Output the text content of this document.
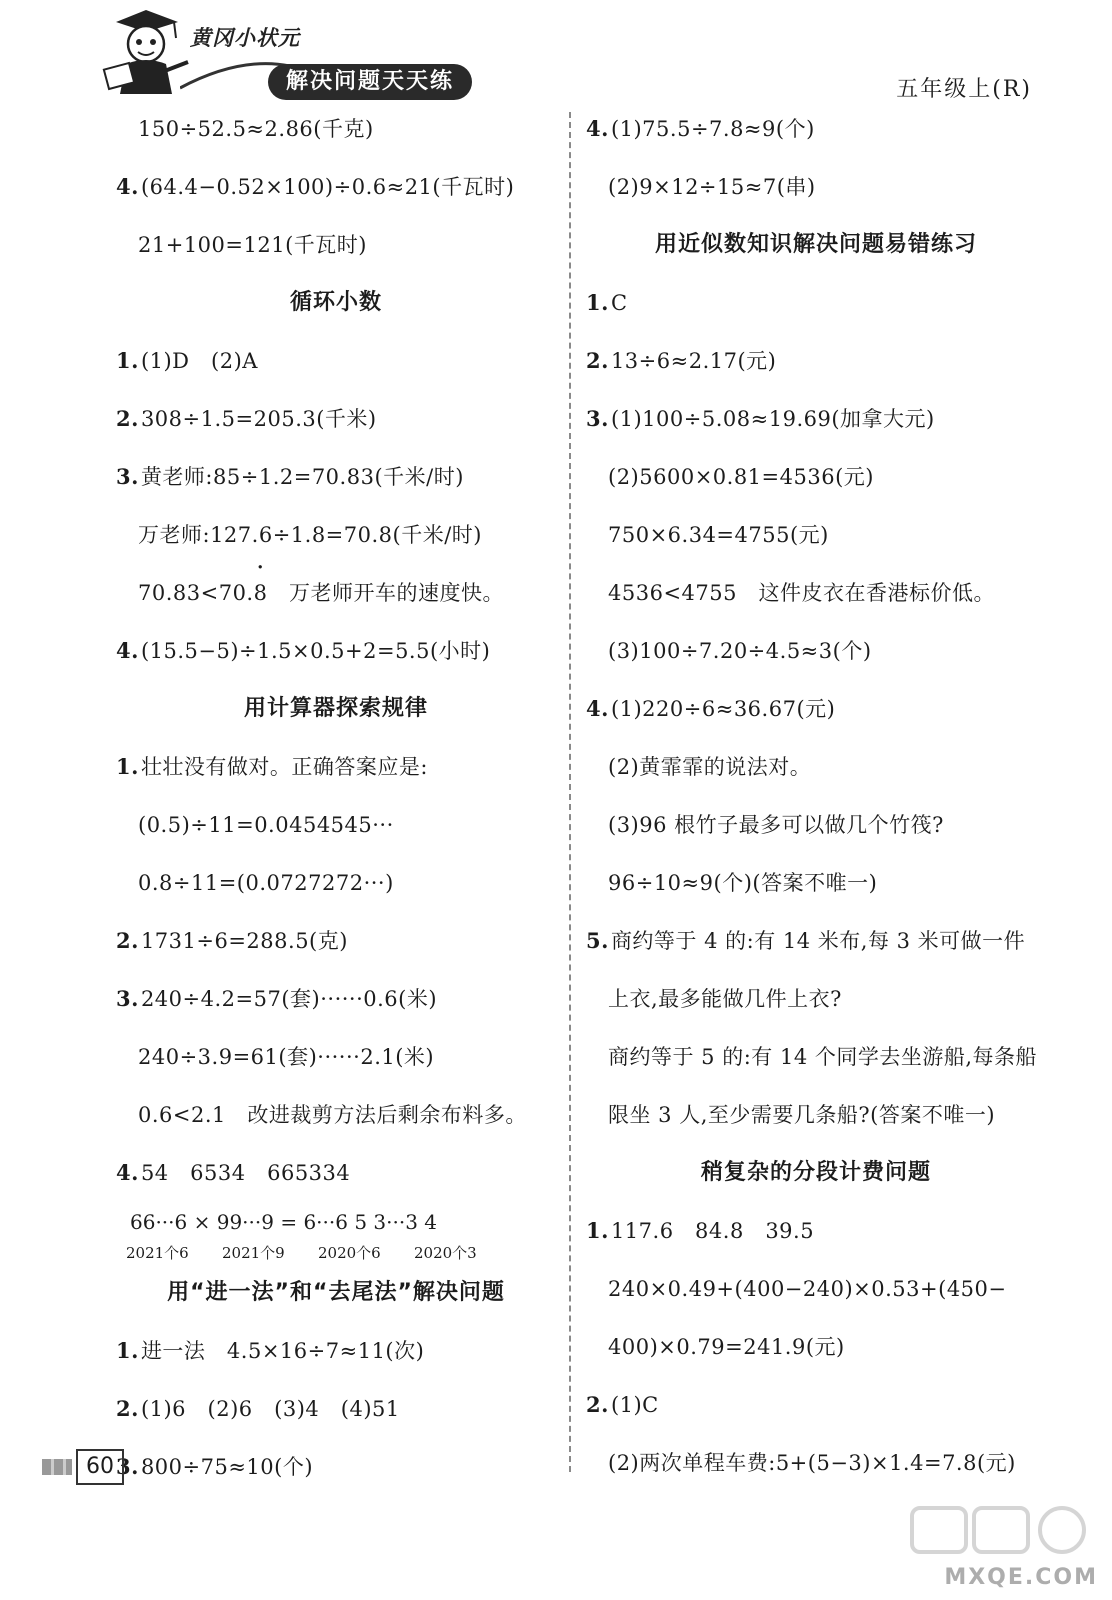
黄冈小状元
解决问题天天练	五年级上(R)
150÷52.5≈2.86(千克)
4.(64.4−0.52×100)÷0.6≈21(千瓦时)
21+100=121(千瓦时)
循环小数
1.(1)D　(2)A
2.308÷1.5=205.3(千米)
3.黄老师:85÷1.2=70.83(千米/时)
万老师:127.6÷1.8=70.8(千米/时)
70.83<70.· 8　万老师开车的速度快。
4.(15.5−5)÷1.5×0.5+2=5.5(小时)
用计算器探索规律
1.壮壮没有做对。正确答案应是:
(0.5)÷11=0.0454545···
0.8÷11=(0.0727272···)
2.1731÷6=288.5(克)
3.240÷4.2=57(套)······0.6(米)
240÷3.9=61(套)······2.1(米)
0.6<2.1　改进裁剪方法后剩余布料多。
4.54　6534　665334
66···6 × 99···9 = 6···6 5 3···3 4
2021个6 2021个9 2020个6 2020个3
用“进一法”和“去尾法”解决问题
1.进一法　4.5×16÷7≈11(次)
2.(1)6　(2)6　(3)4　(4)51
3.800÷75≈10(个)
4.(1)75.5÷7.8≈9(个)
(2)9×12÷15≈7(串)
用近似数知识解决问题易错练习
1.C
2.13÷6≈2.17(元)
3.(1)100÷5.08≈19.69(加拿大元)
(2)5600×0.81=4536(元)
750×6.34=4755(元)
4536<4755　这件皮衣在香港标价低。
(3)100÷7.20÷4.5≈3(个)
4.(1)220÷6≈36.67(元)
(2)黄霏霏的说法对。
(3)96 根竹子最多可以做几个竹筏?
96÷10≈9(个)(答案不唯一)
5.商约等于 4 的:有 14 米布,每 3 米可做一件
上衣,最多能做几件上衣?
商约等于 5 的:有 14 个同学去坐游船,每条船
限坐 3 人,至少需要几条船?(答案不唯一)
稍复杂的分段计费问题
1.117.6　84.8　39.5
240×0.49+(400−240)×0.53+(450−
400)×0.79=241.9(元)
2.(1)C
(2)两次单程车费:5+(5−3)×1.4=7.8(元)
60
MXQE.COM
